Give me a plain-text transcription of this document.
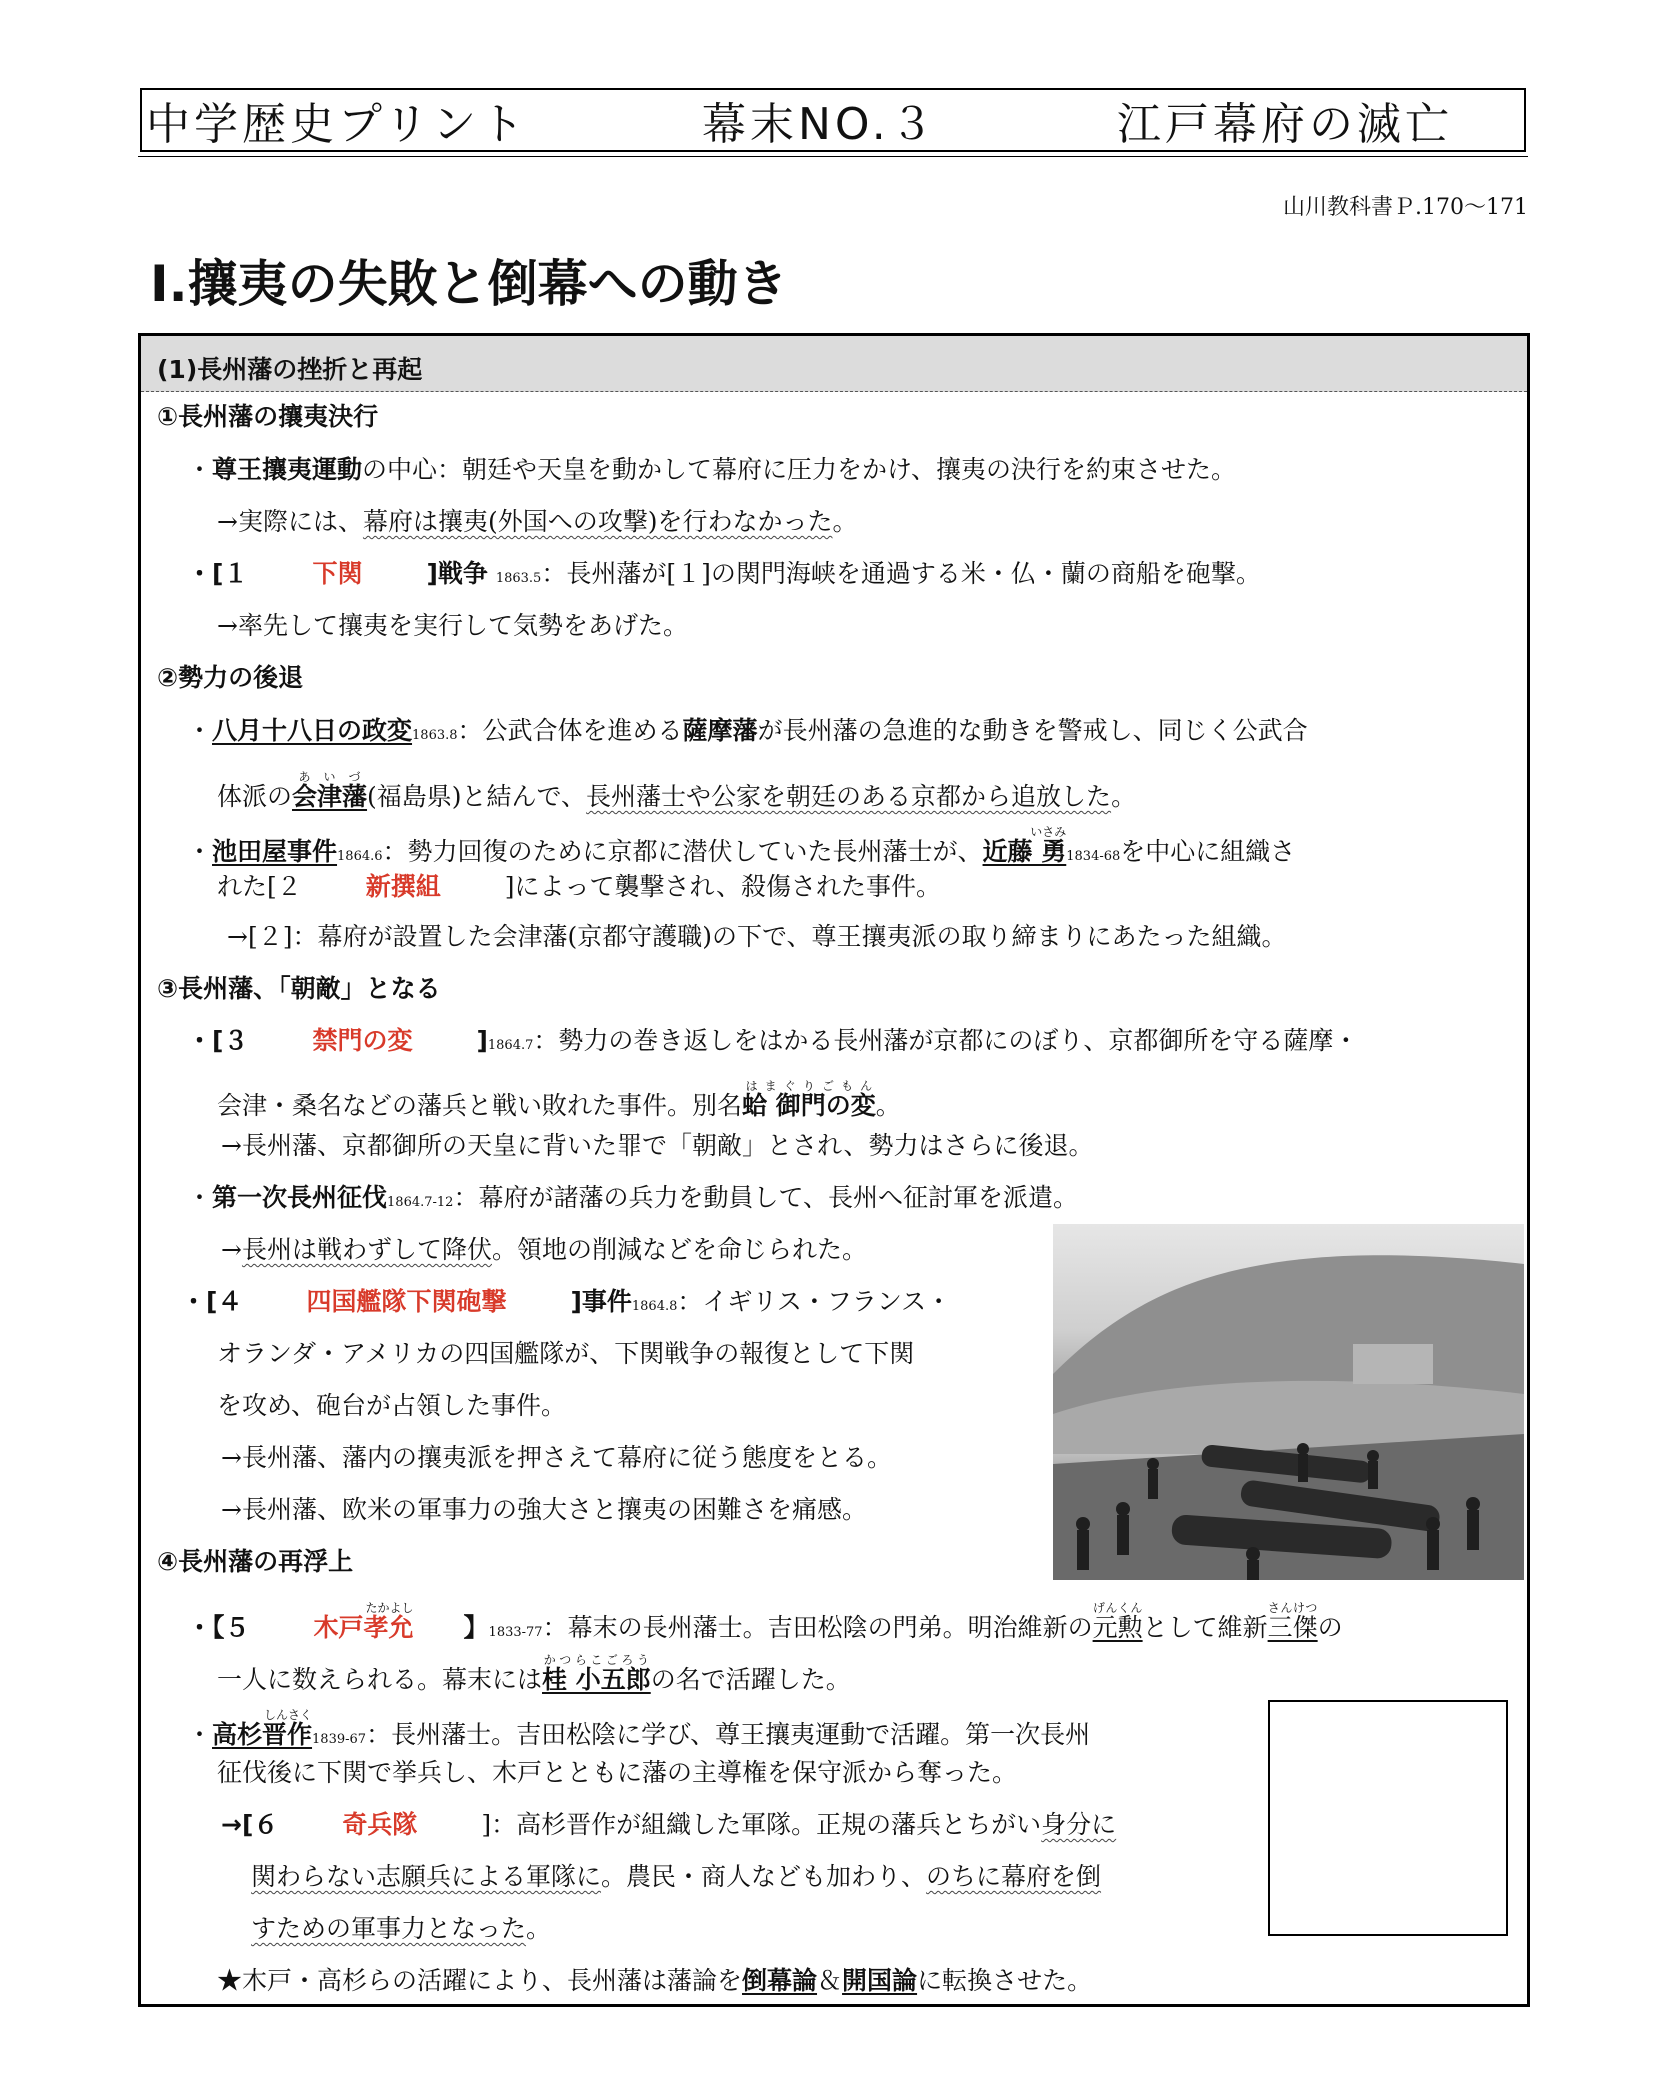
中学歴史プリント	幕末NO.３	江戸幕府の滅亡
山川教科書Ｐ.170～171
Ⅰ.攘夷の失敗と倒幕への動き
(1)長州藩の挫折と再起
①長州藩の攘夷決行
・尊王攘夷運動の中心：朝廷や天皇を動かして幕府に圧力をかけ、攘夷の決行を約束させた。
→実際には、幕府は攘夷(外国への攻撃)を行わなかった。
・[１	下関	]戦争 1863.5：長州藩が[１]の関門海峡を通過する米・仏・蘭の商船を砲撃。
→率先して攘夷を実行して気勢をあげた。
②勢力の後退
・八月十八日の政変1863.8：公武合体を進める薩摩藩が長州藩の急進的な動きを警戒し、同じく公武合
体派の会津藩あいづ(福島県)と結んで、長州藩士や公家を朝廷のある京都から追放した。
・池田屋事件1864.6：勢力回復のために京都に潜伏していた長州藩士が、近藤 勇いさみ1834-68を中心に組織さ
れた[２	新撰組	]によって襲撃され、殺傷された事件。
→[２]：幕府が設置した会津藩(京都守護職)の下で、尊王攘夷派の取り締まりにあたった組織。
③長州藩、「朝敵」となる
・[３	禁門の変	]1864.7：勢力の巻き返しをはかる長州藩が京都にのぼり、京都御所を守る薩摩・
会津・桑名などの藩兵と戦い敗れた事件。別名蛤 御門の変はまぐりごもん。
→長州藩、京都御所の天皇に背いた罪で「朝敵」とされ、勢力はさらに後退。
・第一次長州征伐1864.7-12：幕府が諸藩の兵力を動員して、長州へ征討軍を派遣。
→長州は戦わずして降伏。領地の削減などを命じられた。
・[４	四国艦隊下関砲撃	]事件1864.8：イギリス・フランス・
オランダ・アメリカの四国艦隊が、下関戦争の報復として下関
を攻め、砲台が占領した事件。
→長州藩、藩内の攘夷派を押さえて幕府に従う態度をとる。
→長州藩、欧米の軍事力の強大さと攘夷の困難さを痛感。
④長州藩の再浮上
・【５	木戸孝允たかよし】1833-77：幕末の長州藩士。吉田松陰の門弟。明治維新の元勲げんくんとして維新三傑さんけつの
一人に数えられる。幕末には桂 小五郎かつらこごろうの名で活躍した。
・高杉晋作しんさく1839-67：長州藩士。吉田松陰に学び、尊王攘夷運動で活躍。第一次長州
征伐後に下関で挙兵し、木戸とともに藩の主導権を保守派から奪った。
→[６	奇兵隊	]：高杉晋作が組織した軍隊。正規の藩兵とちがい身分に
関わらない志願兵による軍隊に。農民・商人なども加わり、のちに幕府を倒
すための軍事力となった。
★木戸・高杉らの活躍により、長州藩は藩論を倒幕論＆開国論に転換させた。
